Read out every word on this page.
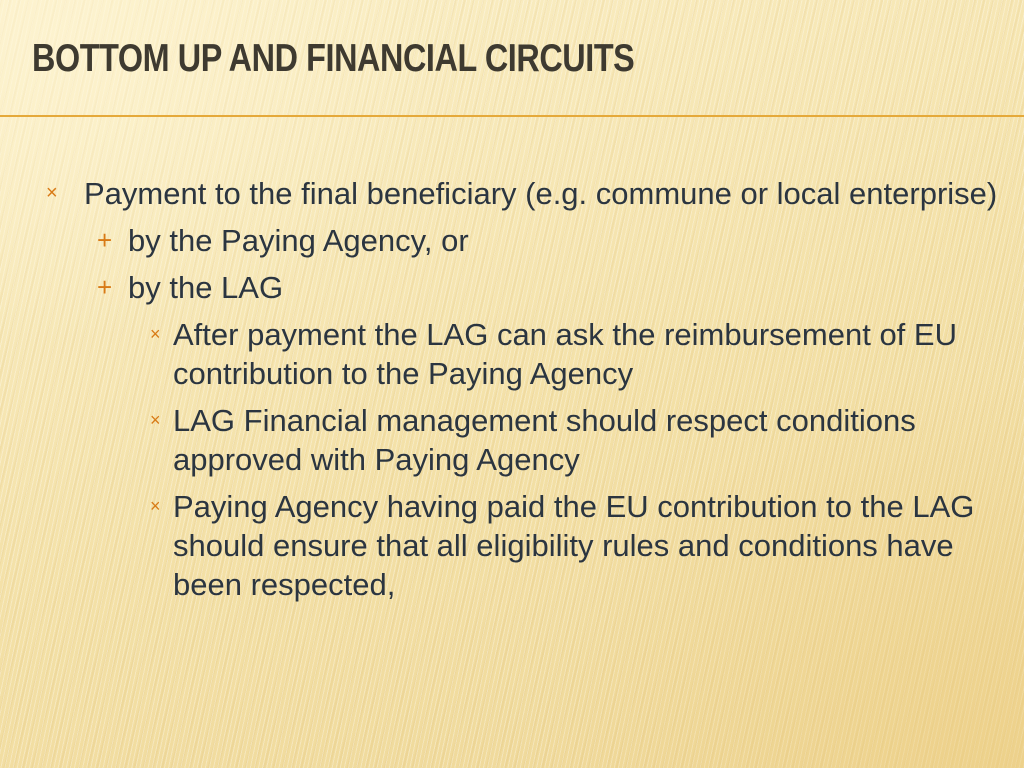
BOTTOM UP AND FINANCIAL CIRCUITS
× Payment to the final beneficiary (e.g. commune or local enterprise)
+ by the Paying Agency, or
+ by the LAG
× After payment the LAG can ask the reimbursement of EU contribution to the Paying Agency
× LAG Financial management should respect conditions approved with Paying Agency
× Paying Agency having paid the EU contribution to the LAG should ensure that all eligibility rules and conditions have been respected,
